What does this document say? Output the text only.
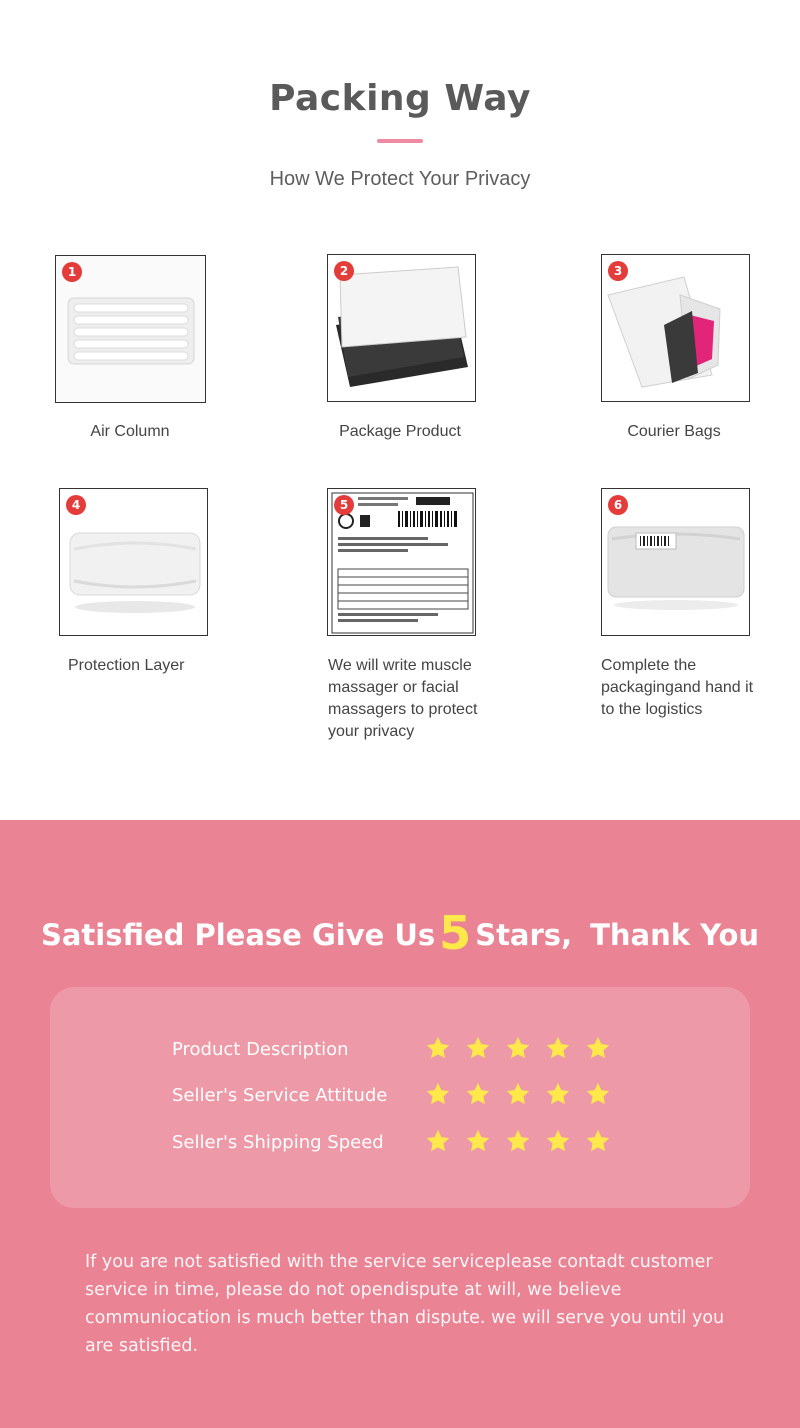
Packing Way
How We Protect Your Privacy
1
Air Column
2
Package Product
3
Courier Bags
4
Protection Layer
5
We will write muscle massager or facial massagers to protect your privacy
6
Complete the packagingand hand it to the logistics
Satisfied Please Give Us5 Stars, Thank You
Product Description
Seller's Service Attitude
Seller's Shipping Speed
If you are not satisfied with the service serviceplease contadt customer service in time, please do not opendispute at will, we believe communiocation is much better than dispute. we will serve you until you are satisfied.
